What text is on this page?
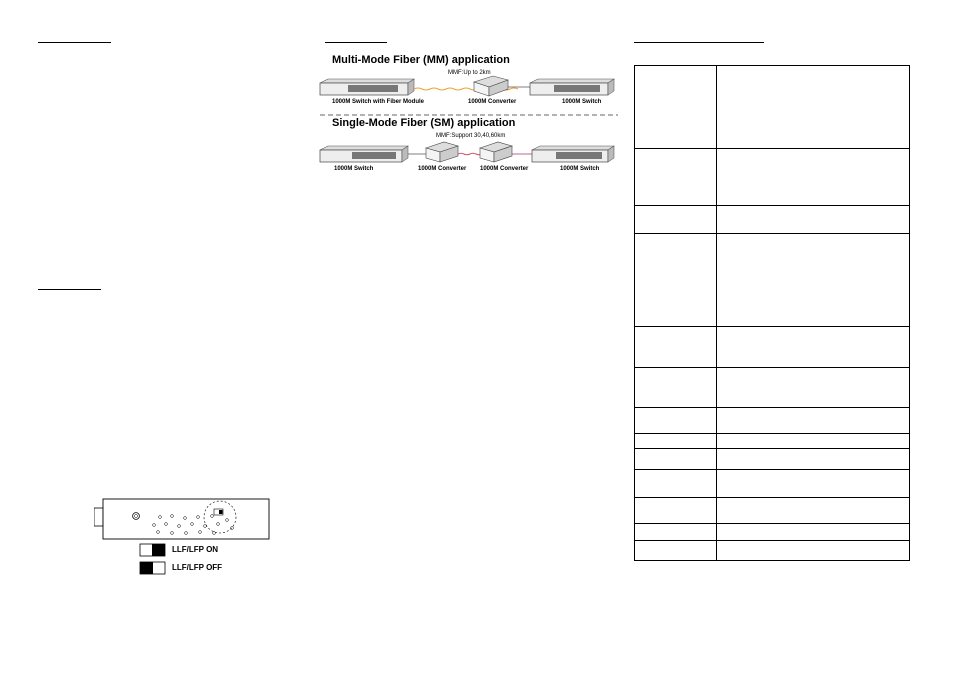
Multi-Mode Fiber (MM) application
MMF:Up to 2km
1000M Switch with Fiber Module	1000M Converter	1000M Switch
Single-Mode Fiber (SM) application
MMF:Support 30,40,60km
1000M Switch	1000M Converter 1000M Converter	1000M Switch
LLF/LFP ON
LLF/LFP OFF
